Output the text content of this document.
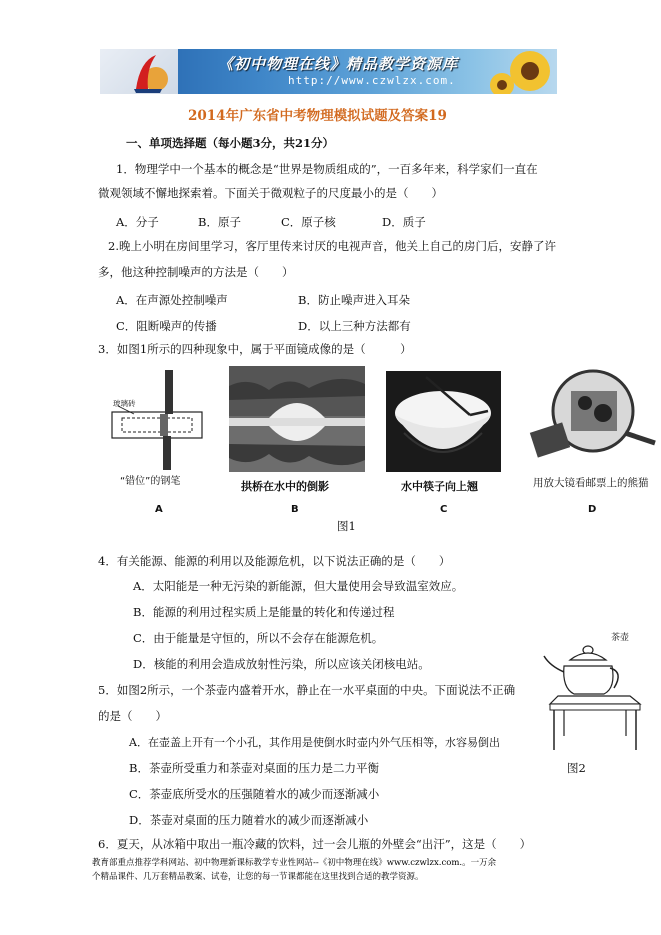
《初中物理在线》精品教学资源库
http://www.czwlzx.com.
2014年广东省中考物理模拟试题及答案19
一、单项选择题（每小题3分，共21分）
1．物理学中一个基本的概念是“世界是物质组成的”，一百多年来，科学家们一直在
微观领域不懈地探索着。下面关于微观粒子的尺度最小的是（　　）
A．分子	B．原子	C．原子核	D．质子
2.晚上小明在房间里学习，客厅里传来讨厌的电视声音，他关上自己的房门后，安静了许
多，他这种控制噪声的方法是（　　）
A．在声源处控制噪声	B．防止噪声进入耳朵
C．阻断噪声的传播	D．以上三种方法都有
3．如图1所示的四种现象中，属于平面镜成像的是（　　　）
玻璃砖
“错位”的钢笔	拱桥在水中的倒影	水中筷子向上翘	用放大镜看邮票上的熊猫
A	B	C	D
图1
4．有关能源、能源的利用以及能源危机，以下说法正确的是（　　）
A．太阳能是一种无污染的新能源，但大量使用会导致温室效应。
B．能源的利用过程实质上是能量的转化和传递过程
C．由于能量是守恒的，所以不会存在能源危机。
D．核能的利用会造成放射性污染，所以应该关闭核电站。
茶壶
图2
5．如图2所示，一个茶壶内盛着开水，静止在一水平桌面的中央。下面说法不正确
的是（　　）
A．在壶盖上开有一个小孔，其作用是使倒水时壶内外气压相等，水容易倒出
B．茶壶所受重力和茶壶对桌面的压力是二力平衡
C．茶壶底所受水的压强随着水的减少而逐渐减小
D．茶壶对桌面的压力随着水的减少而逐渐减小
6．夏天，从冰箱中取出一瓶冷藏的饮料，过一会儿瓶的外壁会“出汗”，这是（　　）
教育部重点推荐学科网站、初中物理新课标教学专业性网站--《初中物理在线》www.czwlzx.com.。一万余
个精品课件、几万套精品教案、试卷，让您的每一节课都能在这里找到合适的教学资源。
